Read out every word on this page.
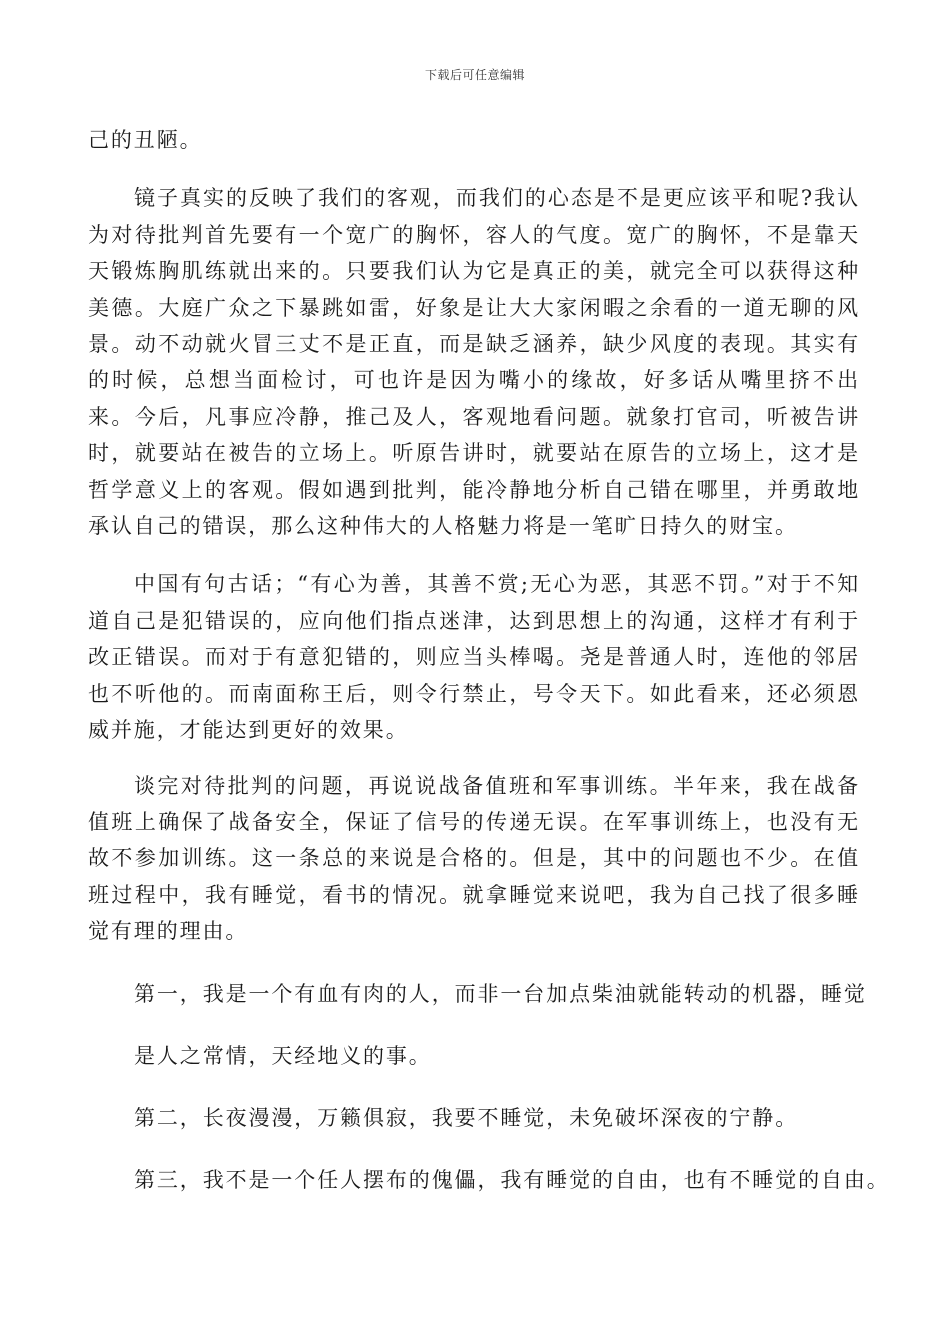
下载后可任意编辑

己的丑陋。

镜子真实的反映了我们的客观，而我们的心态是不是更应该平和呢?我认为对待批判首先要有一个宽广的胸怀，容人的气度。宽广的胸怀，不是靠天天锻炼胸肌练就出来的。只要我们认为它是真正的美，就完全可以获得这种美德。大庭广众之下暴跳如雷，好象是让大大家闲暇之余看的一道无聊的风景。动不动就火冒三丈不是正直，而是缺乏涵养，缺少风度的表现。其实有的时候，总想当面检讨，可也许是因为嘴小的缘故，好多话从嘴里挤不出来。今后，凡事应冷静，推己及人，客观地看问题。就象打官司，听被告讲时，就要站在被告的立场上。听原告讲时，就要站在原告的立场上，这才是哲学意义上的客观。假如遇到批判，能冷静地分析自己错在哪里，并勇敢地承认自己的错误，那么这种伟大的人格魅力将是一笔旷日持久的财宝。

中国有句古话；“有心为善，其善不赏;无心为恶，其恶不罚。”对于不知道自己是犯错误的，应向他们指点迷津，达到思想上的沟通，这样才有利于改正错误。而对于有意犯错的，则应当头棒喝。尧是普通人时，连他的邻居也不听他的。而南面称王后，则令行禁止，号令天下。如此看来，还必须恩威并施，才能达到更好的效果。

谈完对待批判的问题，再说说战备值班和军事训练。半年来，我在战备值班上确保了战备安全，保证了信号的传递无误。在军事训练上，也没有无故不参加训练。这一条总的来说是合格的。但是，其中的问题也不少。在值班过程中，我有睡觉，看书的情况。就拿睡觉来说吧，我为自己找了很多睡觉有理的理由。

第一，我是一个有血有肉的人，而非一台加点柴油就能转动的机器，睡觉

是人之常情，天经地义的事。

第二，长夜漫漫，万籁俱寂，我要不睡觉，未免破坏深夜的宁静。

第三，我不是一个任人摆布的傀儡，我有睡觉的自由，也有不睡觉的自由。
